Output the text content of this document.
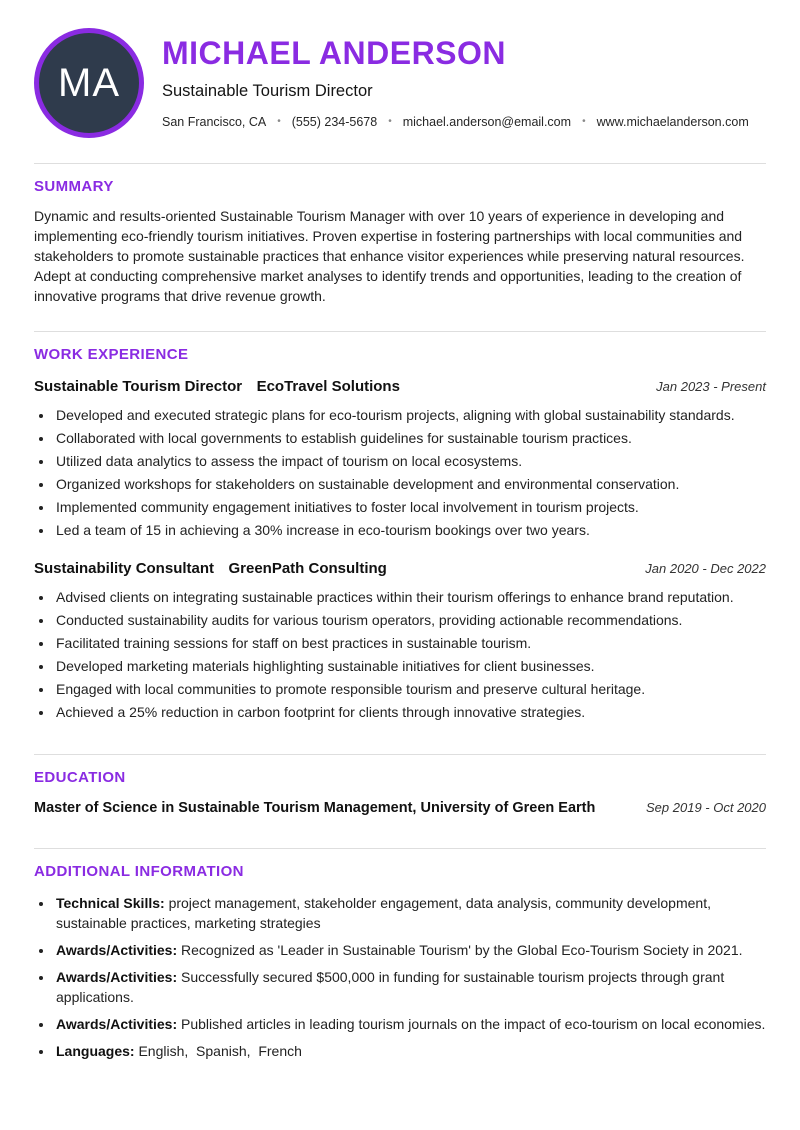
MA
MICHAEL ANDERSON
Sustainable Tourism Director
San Francisco, CA • (555) 234-5678 • michael.anderson@email.com • www.michaelanderson.com
SUMMARY

Dynamic and results-oriented Sustainable Tourism Manager with over 10 years of experience in developing and implementing eco-friendly tourism initiatives. Proven expertise in fostering partnerships with local communities and stakeholders to promote sustainable practices that enhance visitor experiences while preserving natural resources. Adept at conducting comprehensive market analyses to identify trends and opportunities, leading to the creation of innovative programs that drive revenue growth.

WORK EXPERIENCE
Sustainable Tourism Director EcoTravel Solutions	Jan 2023 - Present
• Developed and executed strategic plans for eco-tourism projects, aligning with global sustainability standards.
• Collaborated with local governments to establish guidelines for sustainable tourism practices.
• Utilized data analytics to assess the impact of tourism on local ecosystems.
• Organized workshops for stakeholders on sustainable development and environmental conservation.
• Implemented community engagement initiatives to foster local involvement in tourism projects.
• Led a team of 15 in achieving a 30% increase in eco-tourism bookings over two years.
Sustainability Consultant GreenPath Consulting	Jan 2020 - Dec 2022
• Advised clients on integrating sustainable practices within their tourism offerings to enhance brand reputation.
• Conducted sustainability audits for various tourism operators, providing actionable recommendations.
• Facilitated training sessions for staff on best practices in sustainable tourism.
• Developed marketing materials highlighting sustainable initiatives for client businesses.
• Engaged with local communities to promote responsible tourism and preserve cultural heritage.
• Achieved a 25% reduction in carbon footprint for clients through innovative strategies.
EDUCATION
Master of Science in Sustainable Tourism Management, University of Green Earth	Sep 2019 - Oct 2020
ADDITIONAL INFORMATION
• Technical Skills: project management, stakeholder engagement, data analysis, community development, sustainable practices, marketing strategies
• Awards/Activities: Recognized as 'Leader in Sustainable Tourism' by the Global Eco-Tourism Society in 2021.
• Awards/Activities: Successfully secured $500,000 in funding for sustainable tourism projects through grant applications.
• Awards/Activities: Published articles in leading tourism journals on the impact of eco-tourism on local economies.
• Languages: English,  Spanish,  French
